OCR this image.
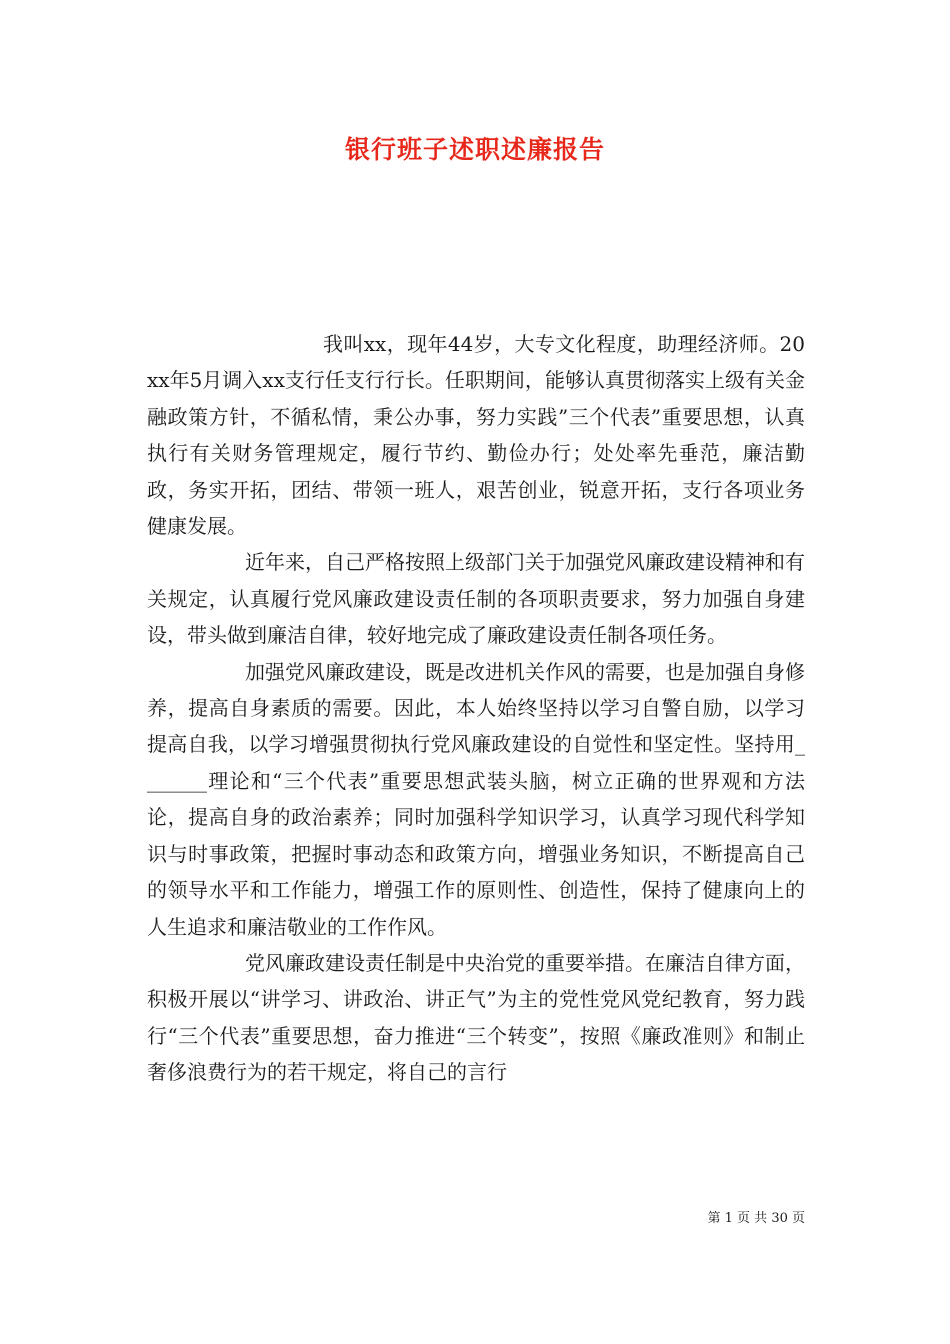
银行班子述职述廉报告

我叫xx，现年44岁，大专文化程度，助理经济师。20xx年5月调入xx支行任支行行长。任职期间，能够认真贯彻落实上级有关金融政策方针，不循私情，秉公办事，努力实践”三个代表”重要思想，认真执行有关财务管理规定，履行节约、勤俭办行；处处率先垂范，廉洁勤政，务实开拓，团结、带领一班人，艰苦创业，锐意开拓，支行各项业务健康发展。

近年来，自己严格按照上级部门关于加强党风廉政建设精神和有关规定，认真履行党风廉政建设责任制的各项职责要求，努力加强自身建设，带头做到廉洁自律，较好地完成了廉政建设责任制各项任务。

加强党风廉政建设，既是改进机关作风的需要，也是加强自身修养，提高自身素质的需要。因此，本人始终坚持以学习自警自励，以学习提高自我，以学习增强贯彻执行党风廉政建设的自觉性和坚定性。坚持用_______理论和“三个代表”重要思想武装头脑，树立正确的世界观和方法论，提高自身的政治素养；同时加强科学知识学习，认真学习现代科学知识与时事政策，把握时事动态和政策方向，增强业务知识，不断提高自己的领导水平和工作能力，增强工作的原则性、创造性，保持了健康向上的人生追求和廉洁敬业的工作作风。

党风廉政建设责任制是中央治党的重要举措。在廉洁自律方面，积极开展以“讲学习、讲政治、讲正气”为主的党性党风党纪教育，努力践行“三个代表”重要思想，奋力推进“三个转变”，按照《廉政准则》和制止奢侈浪费行为的若干规定，将自己的言行

第 1 页 共 30 页
